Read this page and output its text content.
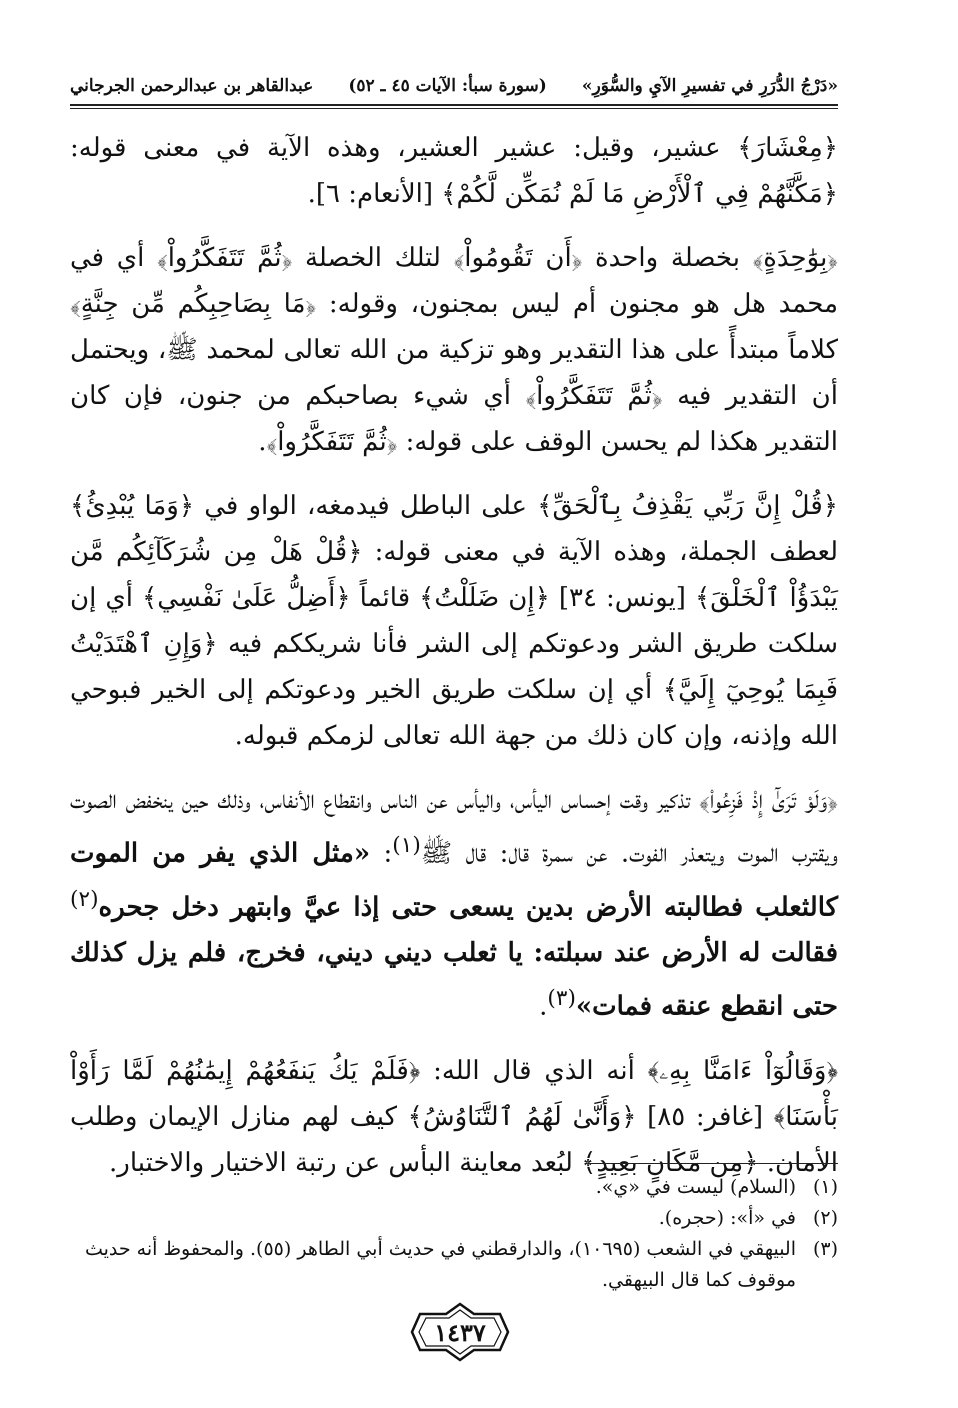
«دَرْجُ الدُّرَرِ في تفسيرِ الآيِ والسُّوَرِ»
(سورة سبأ: الآيات ٤٥ ـ ٥٢)
عبدالقاهر بن عبدالرحمن الجرجاني

﴿مِعْشَارَ﴾ عشير، وقيل: عشير العشير، وهذه الآية في معنى قوله: ﴿مَكَّنَّهُمْ فِي ٱلْأَرْضِ مَا لَمْ نُمَكِّن لَّكُمْ﴾ [الأنعام: ٦].

﴿بِوَٰحِدَةٍ﴾ بخصلة واحدة ﴿أَن تَقُومُواْ﴾ لتلك الخصلة ﴿ثُمَّ تَتَفَكَّرُواْ﴾ أي في محمد هل هو مجنون أم ليس بمجنون، وقوله: ﴿مَا بِصَاحِبِكُم مِّن جِنَّةٍ﴾ كلاماً مبتدأً على هذا التقدير وهو تزكية من الله تعالى لمحمد ﷺ، ويحتمل أن التقدير فيه ﴿ثُمَّ تَتَفَكَّرُواْ﴾ أي شيء بصاحبكم من جنون، فإن كان التقدير هكذا لم يحسن الوقف على قوله: ﴿ثُمَّ تَتَفَكَّرُواْ﴾.

﴿قُلْ إِنَّ رَبِّي يَقْذِفُ بِٱلْحَقِّ﴾ على الباطل فيدمغه، الواو في ﴿وَمَا يُبْدِئُ﴾ لعطف الجملة، وهذه الآية في معنى قوله: ﴿قُلْ هَلْ مِن شُرَكَآئِكُم مَّن يَبْدَؤُاْ ٱلْخَلْقَ﴾ [يونس: ٣٤] ﴿إِن ضَلَلْتُ﴾ قائماً ﴿أَضِلُّ عَلَىٰ نَفْسِي﴾ أي إن سلكت طريق الشر ودعوتكم إلى الشر فأنا شريككم فيه ﴿وَإِنِ ٱهْتَدَيْتُ فَبِمَا يُوحِيٓ إِلَيَّ﴾ أي إن سلكت طريق الخير ودعوتكم إلى الخير فبوحي الله وإذنه، وإن كان ذلك من جهة الله تعالى لزمكم قبوله.

﴿وَلَوْ تَرَىٰٓ إِذْ فَزِعُواْ﴾ تذكير وقت إحساس اليأس، واليأس عن الناس وانقطاع الأنفاس، وذلك حين ينخفض الصوت ويقترب الموت ويتعذر الفوت. عن سمرة قال: قال ﷺ$^{(١)}$: «مثل الذي يفر من الموت كالثعلب فطالبته الأرض بدين يسعى حتى إذا عيَّ وابتهر دخل جحره$^{(٢)}$ فقالت له الأرض عند سبلته: يا ثعلب ديني ديني، فخرج، فلم يزل كذلك حتى انقطع عنقه فمات»$^{(٣)}$.

﴿وَقَالُوٓاْ ءَامَنَّا بِهِۦ﴾ أنه الذي قال الله: ﴿فَلَمْ يَكُ يَنفَعُهُمْ إِيمَٰنُهُمْ لَمَّا رَأَوْاْ بَأْسَنَا﴾ [غافر: ٨٥] ﴿وَأَنَّىٰ لَهُمُ ٱلتَّنَاوُشُ﴾ كيف لهم منازل الإيمان وطلب الأمان. ﴿مِن مَّكَانٍ بَعِيدٍ﴾ لبُعد معاينة البأس عن رتبة الاختيار والاختبار.

(١)
(السلام) ليست في «ي».

(٢)
في «أ»: (حجره).

(٣)
البيهقي في الشعب (١٠٦٩٥)، والدارقطني في حديث أبي الطاهر (٥٥). والمحفوظ أنه حديث موقوف كما قال البيهقي.

١٤٣٧
